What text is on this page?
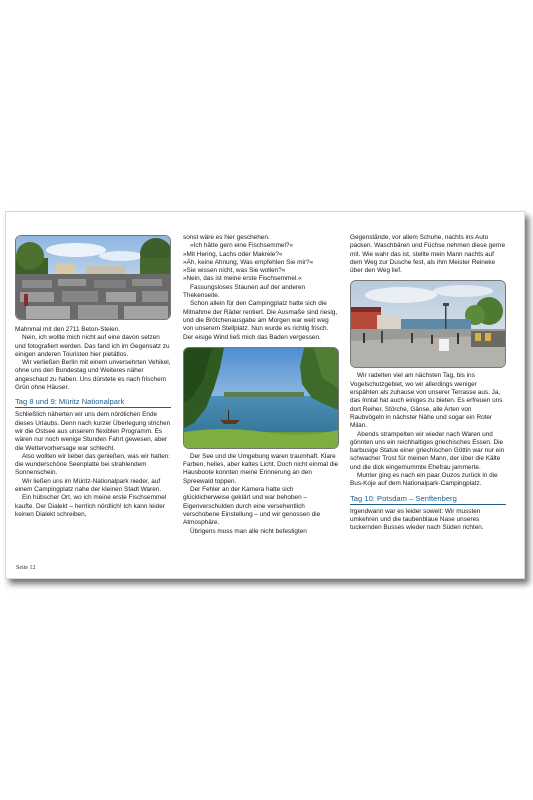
Mahnmal mit den 2711 Beton-Stelen.

Nein, ich wollte mich nicht auf eine davon setzen und fotografiert werden. Das fand ich im Gegensatz zu einigen anderen Touristen hier pietätlos.

Wir verließen Berlin mit einem unversehrten Vehikel, ohne uns den Bundestag und Weiteres näher angeschaut zu haben. Uns dürstete es nach frischem Grün ohne Häuser.

Tag 8 und 9: Müritz Nationalpark

Schließlich näherten wir uns dem nördlichen Ende dieses Urlaubs. Denn nach kurzer Überlegung strichen wir die Ostsee aus unserem flexiblen Programm. Es wären nur noch wenige Stunden Fahrt gewesen, aber die Wettervorhersage war schlecht.

Also wollten wir lieber das genießen, was wir hatten: die wunderschöne Seenplatte bei strahlendem Sonnenschein.

Wir ließen uns im Müritz-Nationalpark nieder, auf einem Campingplatz nahe der kleinen Stadt Waren.

Ein hübscher Ort, wo ich meine erste Fischsemmel kaufte. Der Dialekt – herrlich nördlich! Ich kann leider keinen Dialekt schreiben,

sonst wäre es hier geschehen.

»Ich hätte gern eine Fischsemmel?«

»Mit Hering, Lachs oder Makrele?«

»Äh, keine Ahnung, Was empfehlen Sie mir?«

»Sie wissen nicht, was Sie wollen?«

»Nein, das ist meine erste Fischsemmel.«

Fassungsloses Staunen auf der anderen Thekenseite.

Schon allein für den Campingplatz hatte sich die Mitnahme der Räder rentiert. Die Ausmaße sind riesig, und die Brötchenausgabe am Morgen war weit weg von unserem Stellplatz. Nun wurde es richtig frisch. Der eisige Wind ließ mich das Baden vergessen.

Der See und die Umgebung waren traumhaft. Klare Farben, helles, aber kaltes Licht. Doch nicht einmal die Hausboote konnten meine Erinnerung an den Spreewald toppen.

Der Fehler an der Kamera hatte sich glücklicherweise geklärt und war behoben – Eigenverschulden durch eine versehentlich verschobene Einstellung – und wir genossen die Atmosphäre.

Übrigens muss man alle nicht befestigten

Gegenstände, vor allem Schuhe, nachts ins Auto packen. Waschbären und Füchse nehmen diese gerne mit. Wie wahr das ist, stellte mein Mann nachts auf dem Weg zur Dusche fest, als ihm Meister Reineke über den Weg lief.

Wir radelten viel am nächsten Tag, bis ins Vogelschutzgebiet, wo wir allerdings weniger erspähten als zuhause von unserer Terrasse aus. Ja, das Inntal hat auch einiges zu bieten. Es erfreuen uns dort Reiher, Störche, Gänse, alle Arten von Raubvögeln in nächster Nähe und sogar ein Roter Milan.

Abends strampelten wir wieder nach Waren und gönnten uns ein reichhaltiges griechisches Essen. Die barbusige Statue einer griechischen Göttin war nur ein schwacher Trost für meinen Mann, der über die Kälte und die dick eingemummte Ehefrau jammerte.

Munter ging es nach ein paar Ouzos zurück in die Bus-Koje auf dem Nationalpark-Campingplatz.

Tag 10: Potsdam – Senftenberg

Irgendwann war es leider soweit: Wir mussten umkehren und die taubenblaue Nase unseres tuckernden Busses wieder nach Süden richten.

Seite 12
